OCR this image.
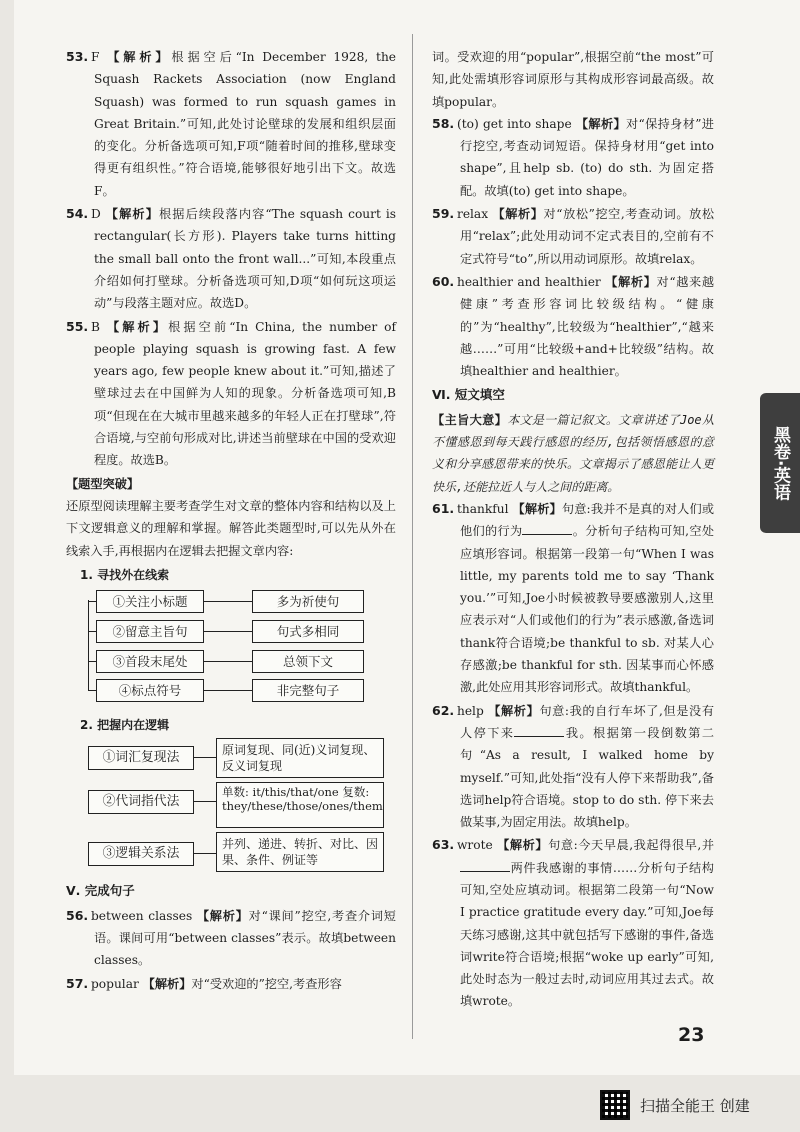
53. F 【解析】根据空后“In December 1928, the Squash Rackets Association (now England Squash) was formed to run squash games in Great Britain.”可知,此处讨论壁球的发展和组织层面的变化。分析备选项可知,F项“随着时间的推移,壁球变得更有组织性。”符合语境,能够很好地引出下文。故选F。

54. D 【解析】根据后续段落内容“The squash court is rectangular(长方形). Players take turns hitting the small ball onto the front wall...”可知,本段重点介绍如何打壁球。分析备选项可知,D项“如何玩这项运动”与段落主题对应。故选D。

55. B 【解析】根据空前“In China, the number of people playing squash is growing fast. A few years ago, few people knew about it.”可知,描述了壁球过去在中国鲜为人知的现象。分析备选项可知,B项“但现在在大城市里越来越多的年轻人正在打壁球”,符合语境,与空前句形成对比,讲述当前壁球在中国的受欢迎程度。故选B。

【题型突破】

还原型阅读理解主要考查学生对文章的整体内容和结构以及上下文逻辑意义的理解和掌握。解答此类题型时,可以先从外在线索入手,再根据内在逻辑去把握文章内容:

1. 寻找外在线索

①关注小标题	多为祈使句
②留意主旨句	句式多相同
③首段末尾处	总领下文
④标点符号	非完整句子

2. 把握内在逻辑

①词汇复现法	原词复现、同(近)义词复现、反义词复现
②代词指代法
单数: it/this/that/one 复数: they/these/those/ones/them
③逻辑关系法
并列、递进、转折、对比、因果、条件、例证等

Ⅴ. 完成句子

56. between classes 【解析】对“课间”挖空,考查介词短语。课间可用“between classes”表示。故填between classes。

57. popular 【解析】对“受欢迎的”挖空,考查形容

词。受欢迎的用“popular”,根据空前“the most”可知,此处需填形容词原形与其构成形容词最高级。故填popular。

58. (to) get into shape 【解析】对“保持身材”进行挖空,考查动词短语。保持身材用“get into shape”,且help sb. (to) do sth. 为固定搭配。故填(to) get into shape。

59. relax 【解析】对“放松”挖空,考查动词。放松用“relax”;此处用动词不定式表目的,空前有不定式符号“to”,所以用动词原形。故填relax。

60. healthier and healthier 【解析】对“越来越健康”考查形容词比较级结构。“健康的”为“healthy”,比较级为“healthier”,“越来越……”可用“比较级+and+比较级”结构。故填healthier and healthier。

Ⅵ. 短文填空

【主旨大意】本文是一篇记叙文。文章讲述了Joe从不懂感恩到每天践行感恩的经历,包括领悟感恩的意义和分享感恩带来的快乐。文章揭示了感恩能让人更快乐,还能拉近人与人之间的距离。

61. thankful 【解析】句意:我并不是真的对人们或他们的行为	。分析句子结构可知,空处应填形容词。根据第一段第一句“When I was little, my parents told me to say ‘Thank you.’”可知,Joe小时候被教导要感激别人,这里应表示对“人们或他们的行为”表示感激,备选词thank符合语境;be thankful to sb. 对某人心存感激;be thankful for sth. 因某事而心怀感激,此处应用其形容词形式。故填thankful。

62. help 【解析】句意:我的自行车坏了,但是没有人停下来	我。根据第一段倒数第二句“As a result, I walked home by myself.”可知,此处指“没有人停下来帮助我”,备选词help符合语境。stop to do sth. 停下来去做某事,为固定用法。故填help。

63. wrote 【解析】句意:今天早晨,我起得很早,并两件我感谢的事情……分析句子结构可知,空处应填动词。根据第二段第一句“Now I practice gratitude every day.”可知,Joe每天练习感谢,这其中就包括写下感谢的事件,备选词write符合语境;根据“woke up early”可知,此处时态为一般过去时,动词应用其过去式。故填wrote。

黑卷·英语
23
扫描全能王 创建
